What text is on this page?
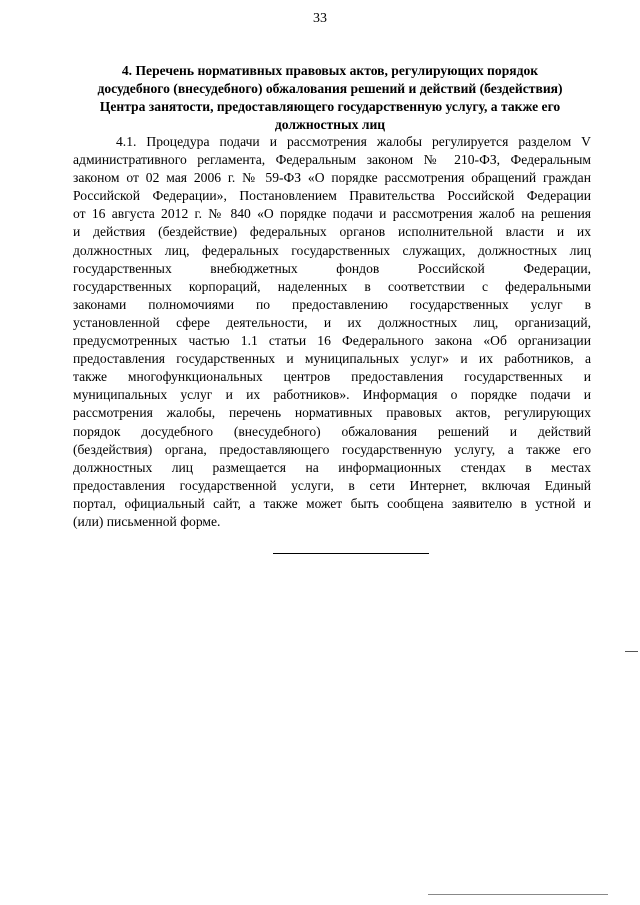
33
4. Перечень нормативных правовых актов, регулирующих порядок
досудебного (внесудебного) обжалования решений и действий (бездействия)
Центра занятости, предоставляющего государственную услугу, а также его
должностных лиц
4.1. Процедура подачи и рассмотрения жалобы регулируется разделом V
административного регламента, Федеральным законом № 210-ФЗ, Федеральным
законом от 02 мая 2006 г. № 59-ФЗ «О порядке рассмотрения обращений граждан
Российской Федерации», Постановлением Правительства Российской Федерации
от 16 августа 2012 г. № 840 «О порядке подачи и рассмотрения жалоб на решения
и действия (бездействие) федеральных органов исполнительной власти и их
должностных лиц, федеральных государственных служащих, должностных лиц
государственных внебюджетных фондов Российской Федерации,
государственных корпораций, наделенных в соответствии с федеральными
законами полномочиями по предоставлению государственных услуг в
установленной сфере деятельности, и их должностных лиц, организаций,
предусмотренных частью 1.1 статьи 16 Федерального закона «Об организации
предоставления государственных и муниципальных услуг» и их работников, а
также многофункциональных центров предоставления государственных и
муниципальных услуг и их работников». Информация о порядке подачи и
рассмотрения жалобы, перечень нормативных правовых актов, регулирующих
порядок досудебного (внесудебного) обжалования решений и действий
(бездействия) органа, предоставляющего государственную услугу, а также его
должностных лиц размещается на информационных стендах в местах
предоставления государственной услуги, в сети Интернет, включая Единый
портал, официальный сайт, а также может быть сообщена заявителю в устной и
(или) письменной форме.
